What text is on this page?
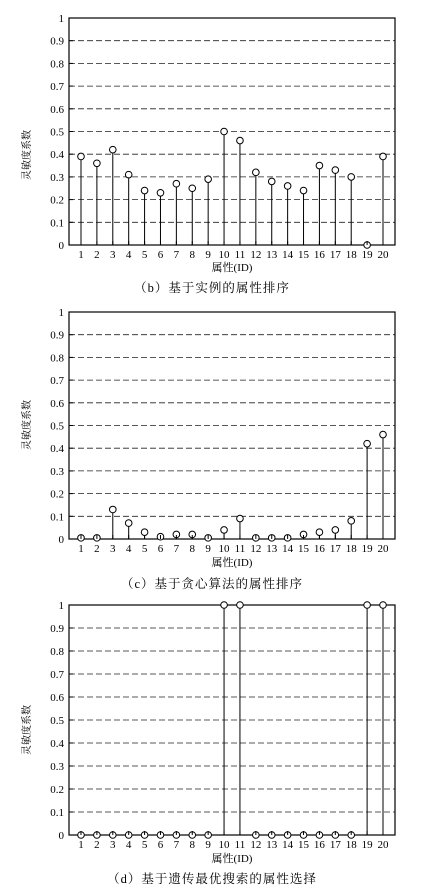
0
0.1
0.2
0.3
0.4
0.5
0.6
0.7
0.8
0.9
1
1 2 3 4 5 6 7 8 9 10 11 12 13 14 15 16 17 18 19 20
灵敏度系数
属性(ID)
（b）基于实例的属性排序
0
0.1
0.2
0.3
0.4
0.5
0.6
0.7
0.8
0.9
1
1 2 3 4 5 6 7 8 9 10 11 12 13 14 15 16 17 18 19 20
灵敏度系数
属性(ID)
（c）基于贪心算法的属性排序
0
0.1
0.2
0.3
0.4
0.5
0.6
0.7
0.8
0.9
1
1 2 3 4 5 6 7 8 9 10 11 12 13 14 15 16 17 18 19 20
灵敏度系数
属性(ID)
（d）基于遗传最优搜索的属性选择
